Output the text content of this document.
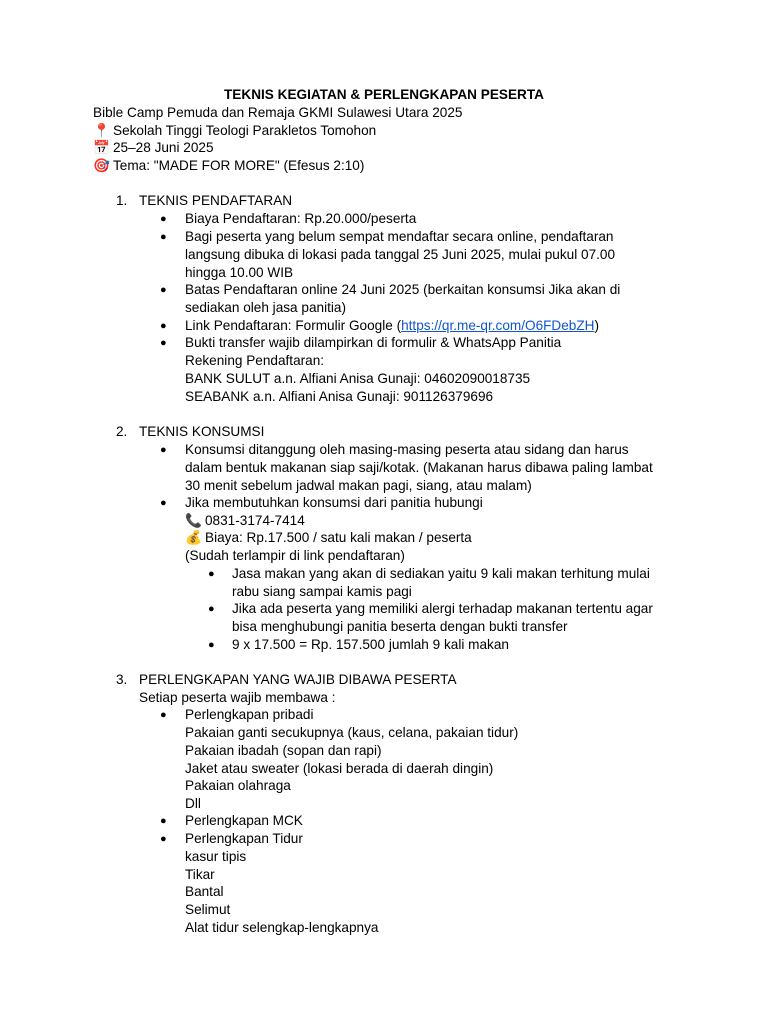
TEKNIS KEGIATAN & PERLENGKAPAN PESERTA
Bible Camp Pemuda dan Remaja GKMI Sulawesi Utara 2025
📍 Sekolah Tinggi Teologi Parakletos Tomohon
📅 25–28 Juni 2025
🎯 Tema: "MADE FOR MORE" (Efesus 2:10)
1. TEKNIS PENDAFTARAN
● Biaya Pendaftaran: Rp.20.000/peserta
● Bagi peserta yang belum sempat mendaftar secara online, pendaftaran
langsung dibuka di lokasi pada tanggal 25 Juni 2025, mulai pukul 07.00
hingga 10.00 WIB
● Batas Pendaftaran online 24 Juni 2025 (berkaitan konsumsi Jika akan di
sediakan oleh jasa panitia)
● Link Pendaftaran: Formulir Google (https://qr.me-qr.com/O6FDebZH)
● Bukti transfer wajib dilampirkan di formulir & WhatsApp Panitia
Rekening Pendaftaran:
BANK SULUT a.n. Alfiani Anisa Gunaji: 04602090018735
SEABANK a.n. Alfiani Anisa Gunaji: 901126379696
2. TEKNIS KONSUMSI
● Konsumsi ditanggung oleh masing-masing peserta atau sidang dan harus
dalam bentuk makanan siap saji/kotak. (Makanan harus dibawa paling lambat
30 menit sebelum jadwal makan pagi, siang, atau malam)
● Jika membutuhkan konsumsi dari panitia hubungi
📞 0831-3174-7414
💰 Biaya: Rp.17.500 / satu kali makan / peserta
(Sudah terlampir di link pendaftaran)
● Jasa makan yang akan di sediakan yaitu 9 kali makan terhitung mulai
rabu siang sampai kamis pagi
● Jika ada peserta yang memiliki alergi terhadap makanan tertentu agar
bisa menghubungi panitia beserta dengan bukti transfer
● 9 x 17.500 = Rp. 157.500 jumlah 9 kali makan
3. PERLENGKAPAN YANG WAJIB DIBAWA PESERTA
Setiap peserta wajib membawa :
● Perlengkapan pribadi
Pakaian ganti secukupnya (kaus, celana, pakaian tidur)
Pakaian ibadah (sopan dan rapi)
Jaket atau sweater (lokasi berada di daerah dingin)
Pakaian olahraga
Dll
● Perlengkapan MCK
● Perlengkapan Tidur
kasur tipis
Tikar
Bantal
Selimut
Alat tidur selengkap-lengkapnya
